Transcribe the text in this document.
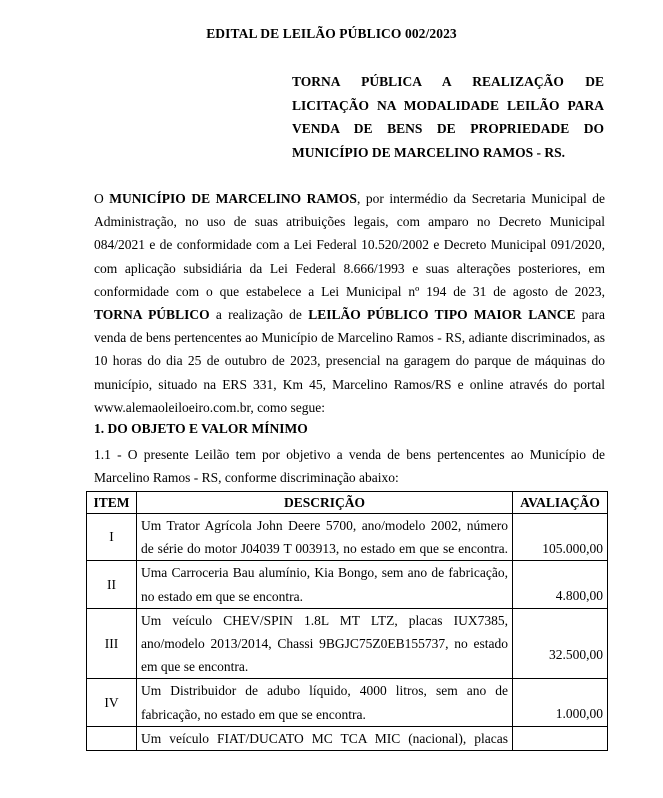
EDITAL DE LEILÃO PÚBLICO 002/2023
TORNA PÚBLICA A REALIZAÇÃO DE
LICITAÇÃO NA MODALIDADE LEILÃO PARA
VENDA DE BENS DE PROPRIEDADE DO
MUNICÍPIO DE MARCELINO RAMOS - RS.
O MUNICÍPIO DE MARCELINO RAMOS, por intermédio da Secretaria Municipal de
Administração, no uso de suas atribuições legais, com amparo no Decreto Municipal
084/2021 e de conformidade com a Lei Federal 10.520/2002 e Decreto Municipal 091/2020,
com aplicação subsidiária da Lei Federal 8.666/1993 e suas alterações posteriores, em
conformidade com o que estabelece a Lei Municipal nº 194 de 31 de agosto de 2023,
TORNA PÚBLICO a realização de LEILÃO PÚBLICO TIPO MAIOR LANCE para
venda de bens pertencentes ao Município de Marcelino Ramos - RS, adiante discriminados, as
10 horas do dia 25 de outubro de 2023, presencial na garagem do parque de máquinas do
município, situado na ERS 331, Km 45, Marcelino Ramos/RS e online através do portal
www.alemaoleiloeiro.com.br, como segue:
1. DO OBJETO E VALOR MÍNIMO
1.1 - O presente Leilão tem por objetivo a venda de bens pertencentes ao Município de
Marcelino Ramos - RS, conforme discriminação abaixo:
ITEM	DESCRIÇÃO	AVALIAÇÃO
I	Um Trator Agrícola John Deere 5700, ano/modelo 2002, número
de série do motor J04039 T 003913, no estado em que se encontra.	105.000,00

II	Uma Carroceria Bau alumínio, Kia Bongo, sem ano de fabricação,
no estado em que se encontra.	4.800,00

III	Um veículo CHEV/SPIN 1.8L MT LTZ, placas IUX7385,
ano/modelo 2013/2014, Chassi 9BGJC75Z0EB155737, no estado
em que se encontra.	32.500,00

IV	Um Distribuidor de adubo líquido, 4000 litros, sem ano de
fabricação, no estado em que se encontra.	1.000,00

	Um veículo FIAT/DUCATO MC TCA MIC (nacional), placas	
